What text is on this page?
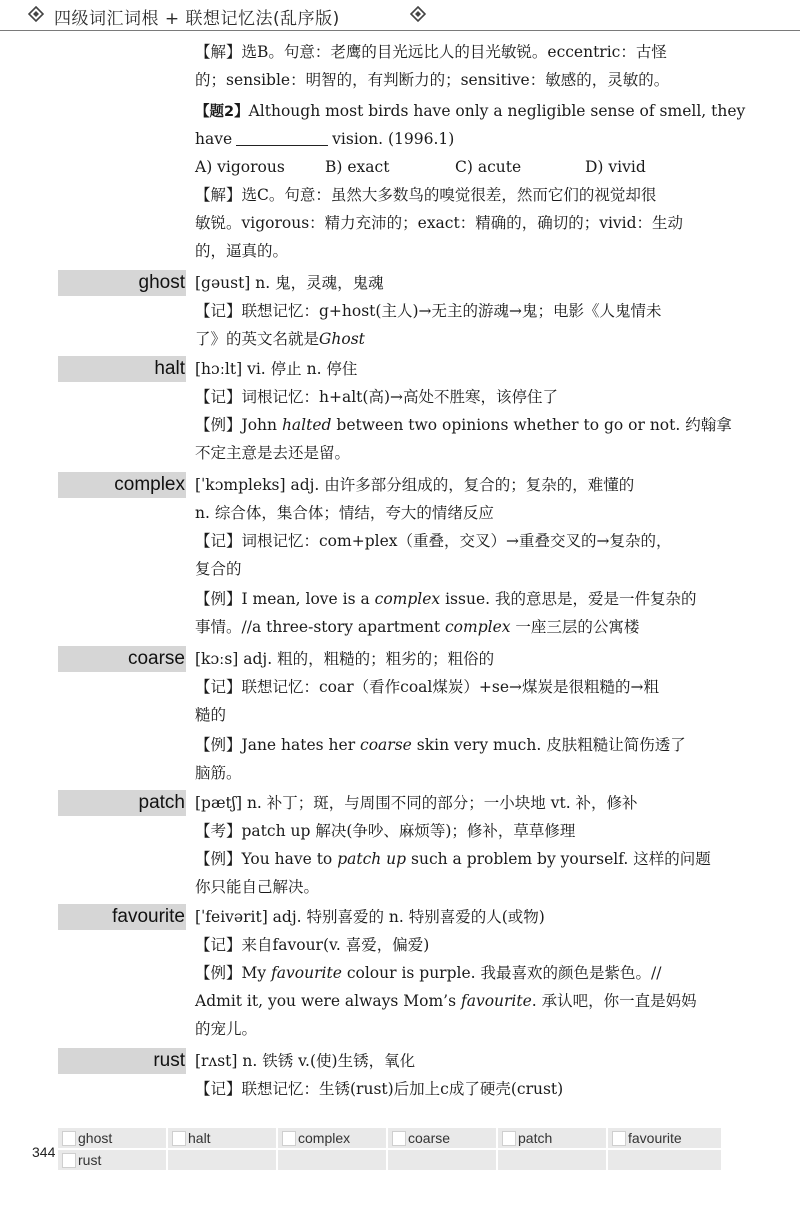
四级词汇词根 + 联想记忆法(乱序版)
【解】选B。句意：老鹰的目光远比人的目光敏锐。eccentric：古怪
的；sensible：明智的，有判断力的；sensitive：敏感的，灵敏的。
【题2】Although most birds have only a negligible sense of smell, they
have	vision. (1996.1)
A) vigorous	B) exact	C) acute	D) vivid
【解】选C。句意：虽然大多数鸟的嗅觉很差，然而它们的视觉却很
敏锐。vigorous：精力充沛的；exact：精确的，确切的；vivid：生动
的，逼真的。
ghost [gəust] n. 鬼，灵魂，鬼魂
【记】联想记忆：g+host(主人)→无主的游魂→鬼；电影《人鬼情未
了》的英文名就是Ghost
halt [hɔːlt] vi. 停止 n. 停住
【记】词根记忆：h+alt(高)→高处不胜寒，该停住了
【例】John halted between two opinions whether to go or not. 约翰拿
不定主意是去还是留。
complex [ˈkɔmpleks] adj. 由许多部分组成的，复合的；复杂的，难懂的
n. 综合体，集合体；情结，夸大的情绪反应
【记】词根记忆：com+plex（重叠，交叉）→重叠交叉的→复杂的，
复合的
【例】I mean, love is a complex issue. 我的意思是，爱是一件复杂的
事情。//a three-story apartment complex 一座三层的公寓楼
coarse [kɔːs] adj. 粗的，粗糙的；粗劣的；粗俗的
【记】联想记忆：coar（看作coal煤炭）+se→煤炭是很粗糙的→粗
糙的
【例】Jane hates her coarse skin very much. 皮肤粗糙让简伤透了
脑筋。
patch [pætʃ] n. 补丁；斑，与周围不同的部分；一小块地 vt. 补，修补
【考】patch up 解决(争吵、麻烦等)；修补，草草修理
【例】You have to patch up such a problem by yourself. 这样的问题
你只能自己解决。
favourite [ˈfeivərit] adj. 特别喜爱的 n. 特别喜爱的人(或物)
【记】来自favour(v. 喜爱，偏爱)
【例】My favourite colour is purple. 我最喜欢的颜色是紫色。//
Admit it, you were always Mom’s favourite. 承认吧，你一直是妈妈
的宠儿。
rust [rʌst] n. 铁锈 v.(使)生锈，氧化
【记】联想记忆：生锈(rust)后加上c成了硬壳(crust)
344
ghost	halt	complex	coarse	patch	favourite
rust
